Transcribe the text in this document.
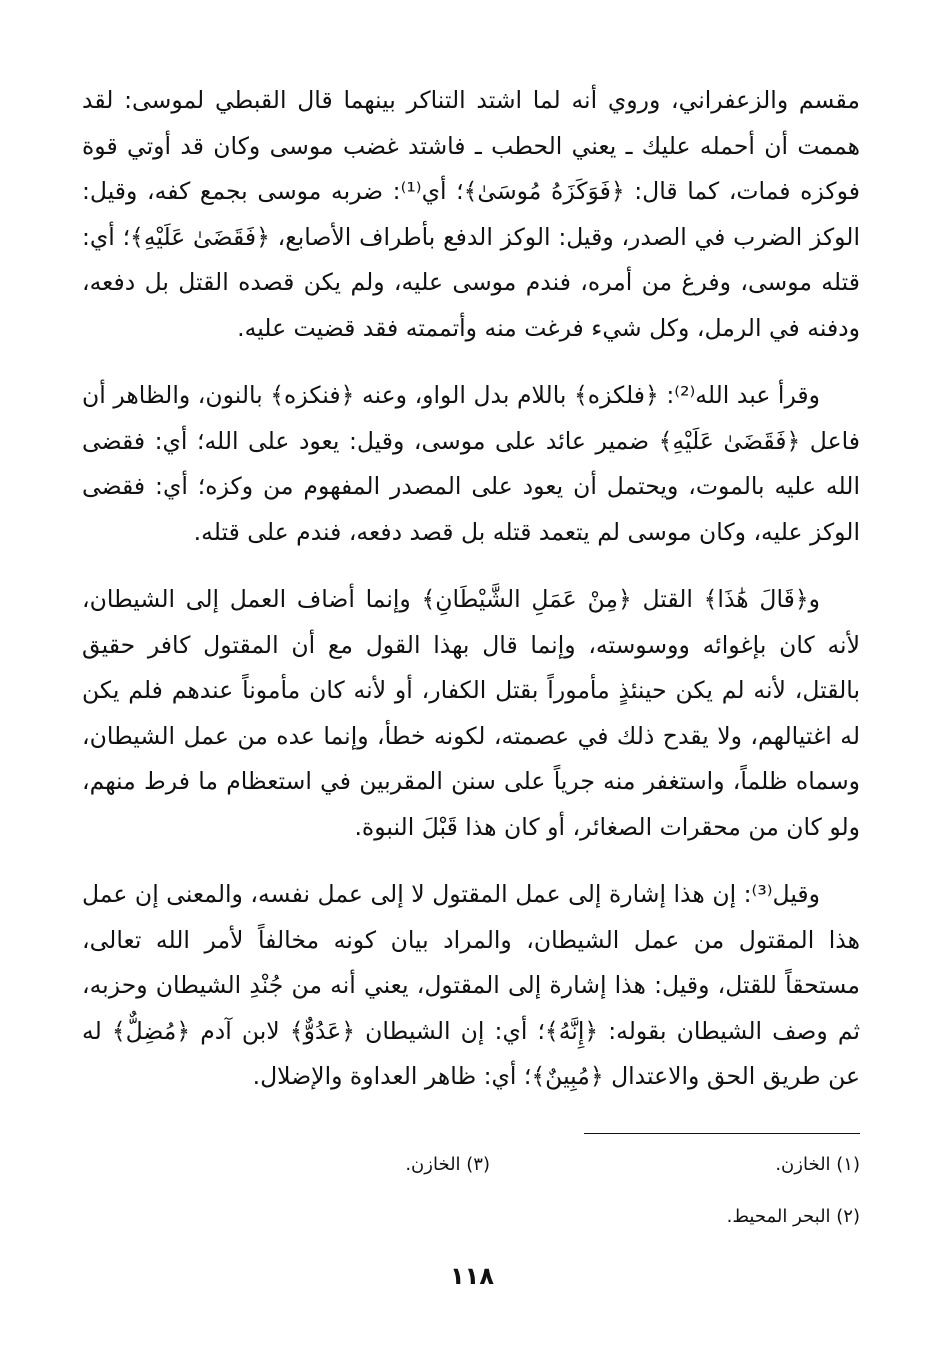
مقسم والزعفراني، وروي أنه لما اشتد التناكر بينهما قال القبطي لموسى: لقد هممت أن أحمله عليك ـ يعني الحطب ـ فاشتد غضب موسى وكان قد أوتي قوة فوكزه فمات، كما قال: ﴿فَوَكَزَهُ مُوسَىٰ﴾؛ أي⁽¹⁾: ضربه موسى بجمع كفه، وقيل: الوكز الضرب في الصدر، وقيل: الوكز الدفع بأطراف الأصابع، ﴿فَقَضَىٰ عَلَيْهِ﴾؛ أي: قتله موسى، وفرغ من أمره، فندم موسى عليه، ولم يكن قصده القتل بل دفعه، ودفنه في الرمل، وكل شيء فرغت منه وأتممته فقد قضيت عليه.

وقرأ عبد الله⁽²⁾: ﴿فلكزه﴾ باللام بدل الواو، وعنه ﴿فنكزه﴾ بالنون، والظاهر أن فاعل ﴿فَقَضَىٰ عَلَيْهِ﴾ ضمير عائد على موسى، وقيل: يعود على الله؛ أي: فقضى الله عليه بالموت، ويحتمل أن يعود على المصدر المفهوم من وكزه؛ أي: فقضى الوكز عليه، وكان موسى لم يتعمد قتله بل قصد دفعه، فندم على قتله.

و﴿قَالَ هَٰذَا﴾ القتل ﴿مِنْ عَمَلِ الشَّيْطَانِ﴾ وإنما أضاف العمل إلى الشيطان، لأنه كان بإغوائه ووسوسته، وإنما قال بهذا القول مع أن المقتول كافر حقيق بالقتل، لأنه لم يكن حينئذٍ مأموراً بقتل الكفار، أو لأنه كان مأموناً عندهم فلم يكن له اغتيالهم، ولا يقدح ذلك في عصمته، لكونه خطأ، وإنما عده من عمل الشيطان، وسماه ظلماً، واستغفر منه جرياً على سنن المقربين في استعظام ما فرط منهم، ولو كان من محقرات الصغائر، أو كان هذا قَبْلَ النبوة.

وقيل⁽³⁾: إن هذا إشارة إلى عمل المقتول لا إلى عمل نفسه، والمعنى إن عمل هذا المقتول من عمل الشيطان، والمراد بيان كونه مخالفاً لأمر الله تعالى، مستحقاً للقتل، وقيل: هذا إشارة إلى المقتول، يعني أنه من جُنْدِ الشيطان وحزبه، ثم وصف الشيطان بقوله: ﴿إِنَّهُ﴾؛ أي: إن الشيطان ﴿عَدُوٌّ﴾ لابن آدم ﴿مُضِلٌّ﴾ له عن طريق الحق والاعتدال ﴿مُبِينٌ﴾؛ أي: ظاهر العداوة والإضلال.

(١) الخازن.
(٣) الخازن.
(٢) البحر المحيط.
١١٨
